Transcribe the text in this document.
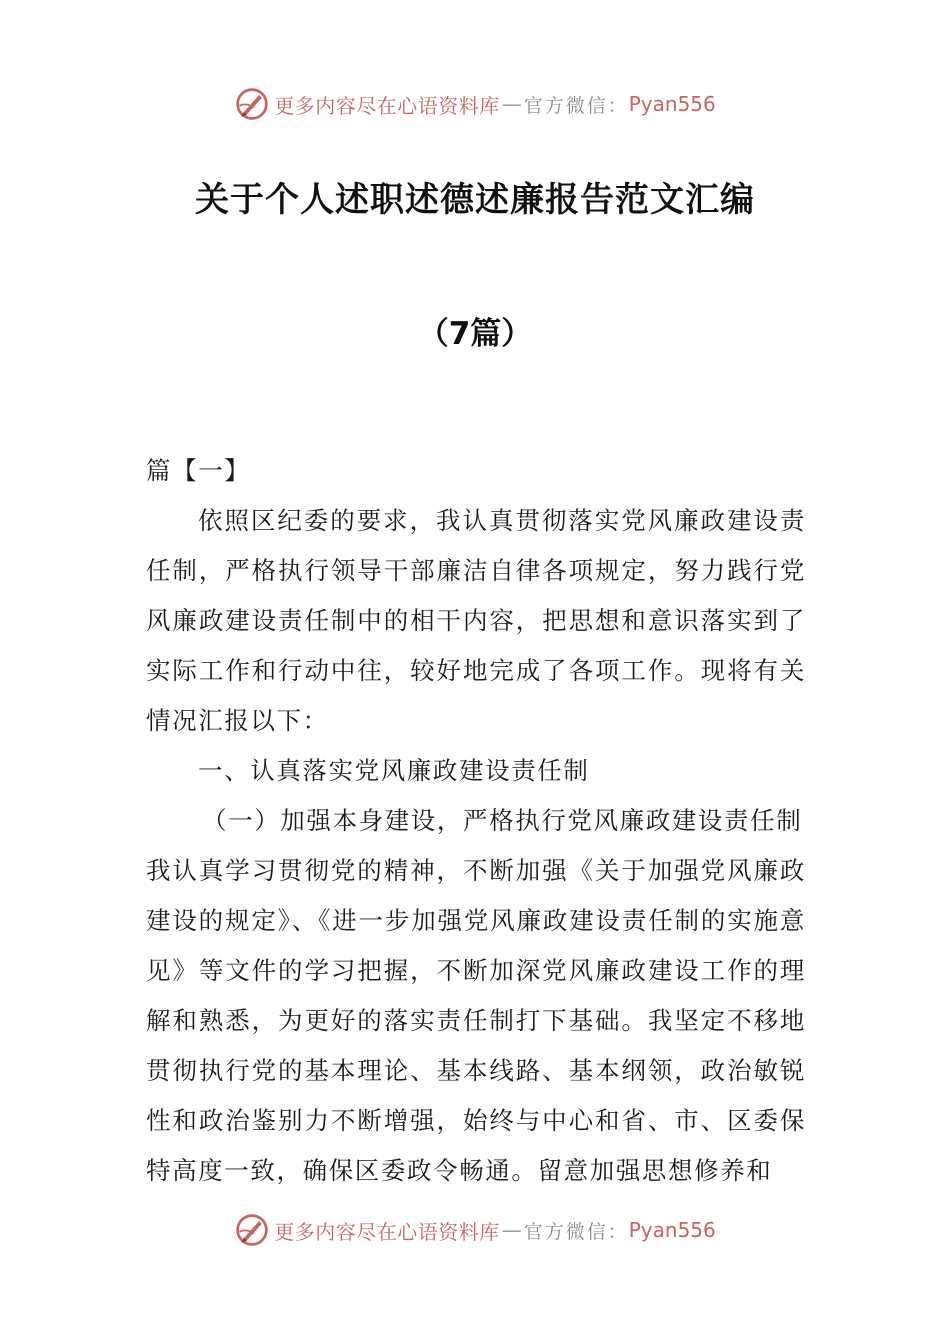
更多内容尽在心语资料库 — 官方微信： Pyan556
关于个人述职述德述廉报告范文汇编
（7篇）

篇【一】

依照区纪委的要求，我认真贯彻落实党风廉政建设责任制，严格执行领导干部廉洁自律各项规定，努力践行党风廉政建设责任制中的相干内容，把思想和意识落实到了实际工作和行动中往，较好地完成了各项工作。现将有关情况汇报以下：

一、认真落实党风廉政建设责任制

（一）加强本身建设，严格执行党风廉政建设责任制

我认真学习贯彻党的精神，不断加强《关于加强党风廉政建设的规定》、《进一步加强党风廉政建设责任制的实施意见》等文件的学习把握，不断加深党风廉政建设工作的理解和熟悉，为更好的落实责任制打下基础。我坚定不移地贯彻执行党的基本理论、基本线路、基本纲领，政治敏锐性和政治鉴别力不断增强，始终与中心和省、市、区委保特高度一致，确保区委政令畅通。留意加强思想修养和

更多内容尽在心语资料库 — 官方微信： Pyan556
